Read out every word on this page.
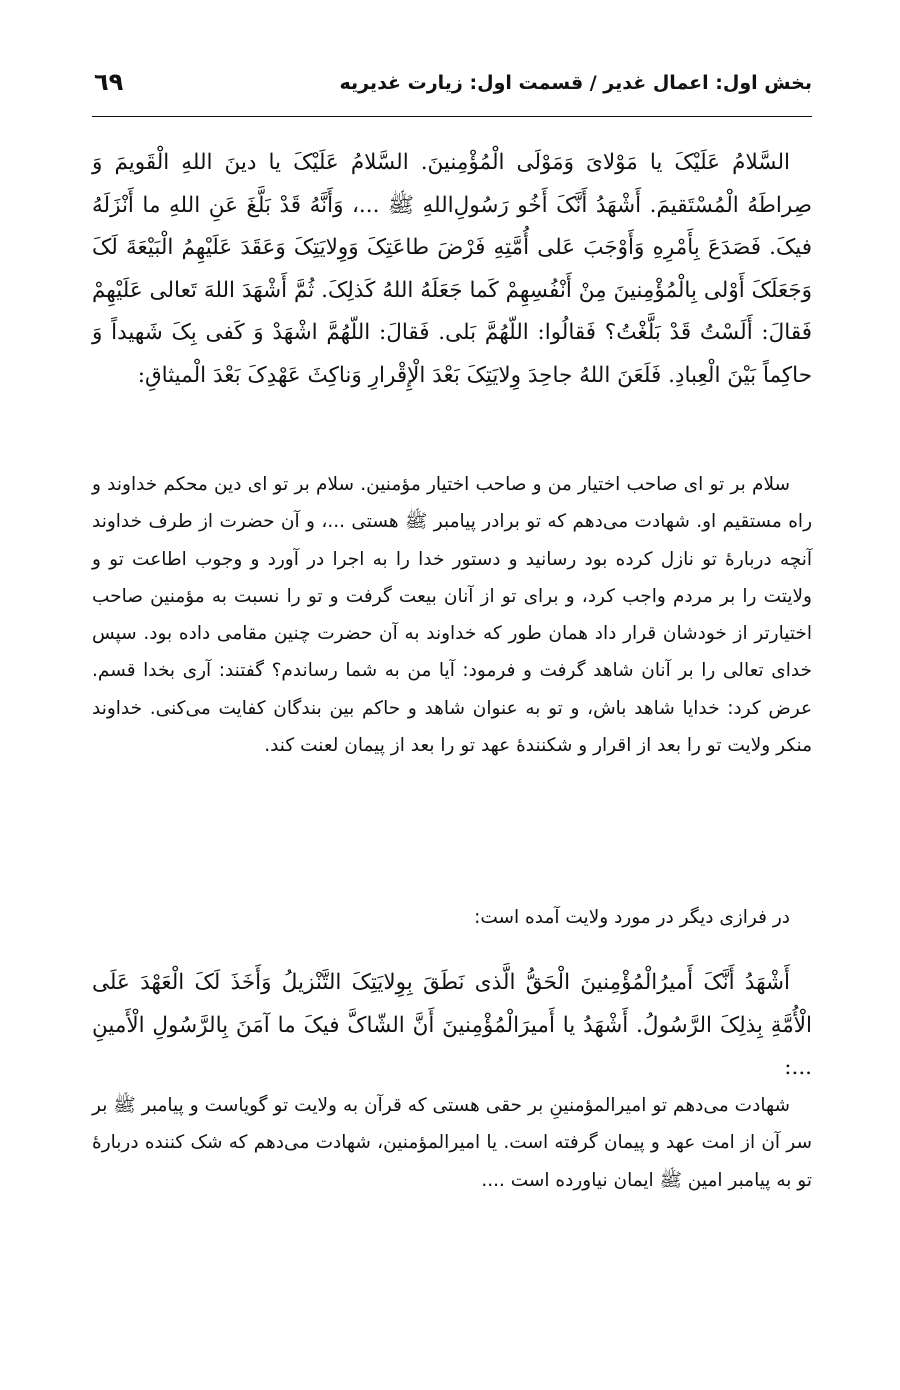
بخش اول: اعمال غدیر / قسمت اول: زیارت غدیریه
٦٩
السَّلامُ عَلَیْکَ یا مَوْلایَ وَمَوْلَی الْمُؤْمِنینَ. السَّلامُ عَلَیْکَ یا دینَ اللهِ الْقَویمَ وَ صِراطَهُ الْمُسْتَقیمَ. أَشْهَدُ أَنَّکَ أَخُو رَسُولِ‌اللهِ ﷺ ...، وَأَنَّهُ قَدْ بَلَّغَ عَنِ اللهِ ما أَنْزَلَهُ فیکَ. فَصَدَعَ بِأَمْرِهِ وَأَوْجَبَ عَلی أُمَّتِهِ فَرْضَ طاعَتِکَ وَوِلایَتِکَ وَعَقَدَ عَلَیْهِمُ الْبَیْعَةَ لَکَ وَجَعَلَکَ أَوْلی بِالْمُؤْمِنینَ مِنْ أَنْفُسِهِمْ کَما جَعَلَهُ اللهُ کَذلِکَ. ثُمَّ أَشْهَدَ اللهَ تَعالی عَلَیْهِمْ فَقالَ: أَلَسْتُ قَدْ بَلَّغْتُ؟ فَقالُوا: اللّهُمَّ بَلی. فَقالَ: اللّهُمَّ اشْهَدْ وَ کَفی بِکَ شَهیداً وَ حاکِماً بَیْنَ الْعِبادِ. فَلَعَنَ اللهُ جاحِدَ وِلایَتِکَ بَعْدَ الْإِقْرارِ وَناکِثَ عَهْدِکَ بَعْدَ الْمیثاقِ:
سلام بر تو ای صاحب اختیار من و صاحب اختیار مؤمنین. سلام بر تو ای دین محکم خداوند و راه مستقیم او. شهادت می‌دهم که تو برادر پیامبر ﷺ هستی ...، و آن حضرت از طرف خداوند آنچه دربارهٔ تو نازل کرده بود رسانید و دستور خدا را به اجرا در آورد و وجوب اطاعت تو و ولایتت را بر مردم واجب کرد، و برای تو از آنان بیعت گرفت و تو را نسبت به مؤمنین صاحب اختیارتر از خودشان قرار داد همان طور که خداوند به آن حضرت چنین مقامی داده بود. سپس خدای تعالی را بر آنان شاهد گرفت و فرمود: آیا من به شما رساندم؟ گفتند: آری بخدا قسم. عرض کرد: خدایا شاهد باش، و تو به عنوان شاهد و حاکم بین بندگان کفایت می‌کنی. خداوند منکر ولایت تو را بعد از اقرار و شکنندهٔ عهد تو را بعد از پیمان لعنت کند.
در فرازی دیگر در مورد ولایت آمده است:
أَشْهَدُ أَنَّکَ أَمیرُالْمُؤْمِنینَ الْحَقُّ الَّذی نَطَقَ بِوِلایَتِکَ التَّنْزیلُ وَأَخَذَ لَکَ الْعَهْدَ عَلَی الْأُمَّةِ بِذلِکَ الرَّسُولُ. أَشْهَدُ یا أَمیرَالْمُؤْمِنینَ أَنَّ الشّاکَّ فیکَ ما آمَنَ بِالرَّسُولِ الْأَمینِ ...:
شهادت می‌دهم تو امیرالمؤمنینِ بر حقی هستی که قرآن به ولایت تو گویاست و پیامبر ﷺ بر سر آن از امت عهد و پیمان گرفته است. یا امیرالمؤمنین، شهادت می‌دهم که شک کننده دربارهٔ تو به پیامبر امین ﷺ ایمان نیاورده است ....
